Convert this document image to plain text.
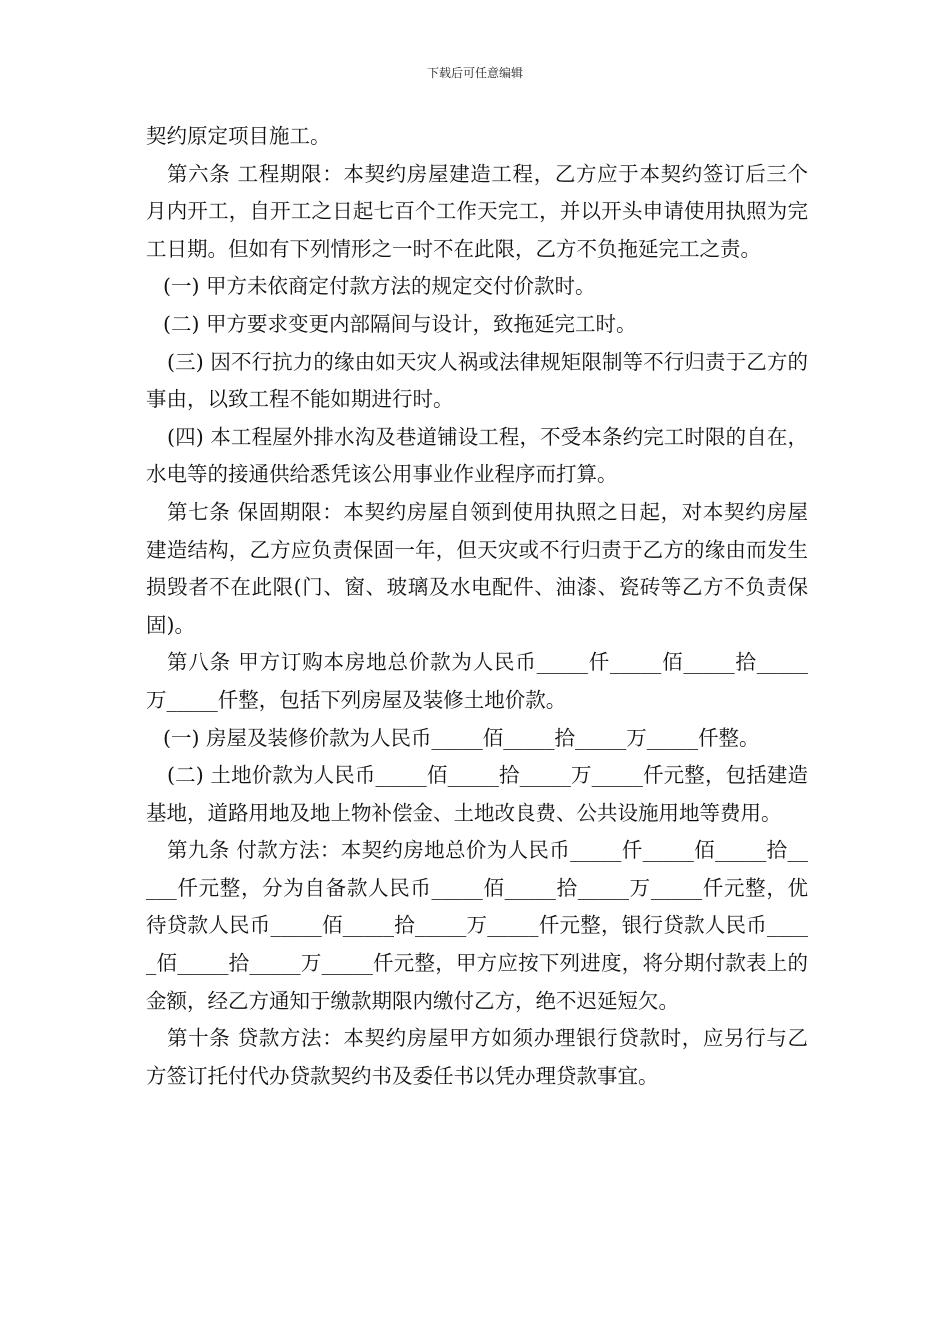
下载后可任意编辑

契约原定项目施工。

第六条 工程期限：本契约房屋建造工程，乙方应于本契约签订后三个月内开工，自开工之日起七百个工作天完工，并以开头申请使用执照为完工日期。但如有下列情形之一时不在此限，乙方不负拖延完工之责。

(一) 甲方未依商定付款方法的规定交付价款时。

(二) 甲方要求变更内部隔间与设计，致拖延完工时。

(三) 因不行抗力的缘由如天灾人祸或法律规矩限制等不行归责于乙方的事由，以致工程不能如期进行时。

(四) 本工程屋外排水沟及巷道铺设工程，不受本条约完工时限的自在，水电等的接通供给悉凭该公用事业作业程序而打算。

第七条 保固期限：本契约房屋自领到使用执照之日起，对本契约房屋建造结构，乙方应负责保固一年，但天灾或不行归责于乙方的缘由而发生损毁者不在此限(门、窗、玻璃及水电配件、油漆、瓷砖等乙方不负责保固)。

第八条 甲方订购本房地总价款为人民币_____仟_____佰_____拾_____万_____仟整，包括下列房屋及装修土地价款。

(一) 房屋及装修价款为人民币_____佰_____拾_____万_____仟整。

(二) 土地价款为人民币_____佰_____拾_____万_____仟元整，包括建造基地，道路用地及地上物补偿金、土地改良费、公共设施用地等费用。

第九条 付款方法：本契约房地总价为人民币_____仟_____佰_____拾_____仟元整，分为自备款人民币_____佰_____拾_____万_____仟元整，优待贷款人民币_____佰_____拾_____万_____仟元整，银行贷款人民币_____佰_____拾_____万_____仟元整，甲方应按下列进度，将分期付款表上的金额，经乙方通知于缴款期限内缴付乙方，绝不迟延短欠。

第十条 贷款方法：本契约房屋甲方如须办理银行贷款时，应另行与乙方签订托付代办贷款契约书及委任书以凭办理贷款事宜。
